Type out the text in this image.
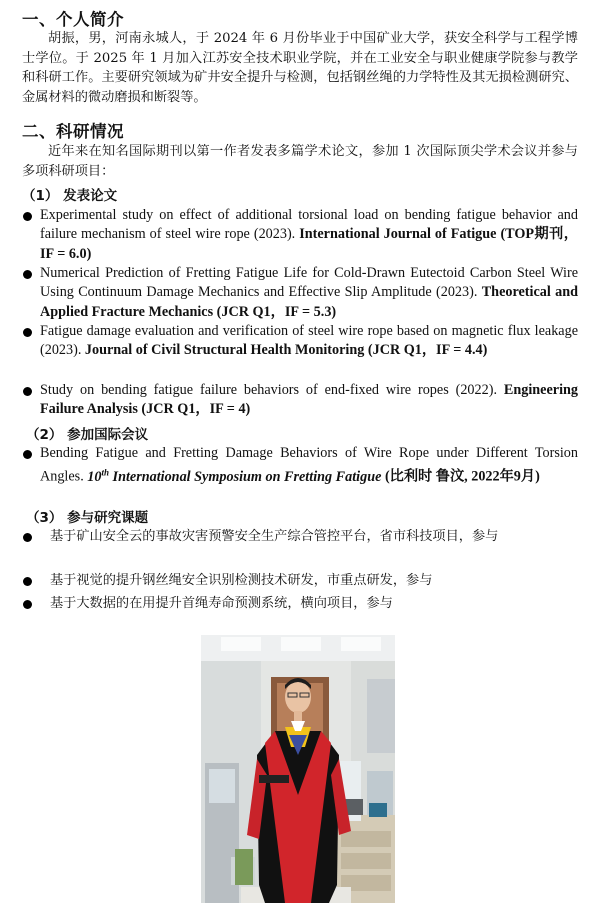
一、个人简介

胡振，男，河南永城人，于 2024 年 6 月份毕业于中国矿业大学，获安全科学与工程学博士学位。于 2025 年 1 月加入江苏安全技术职业学院，并在工业安全与职业健康学院参与教学和科研工作。主要研究领域为矿井安全提升与检测，包括钢丝绳的力学特性及其无损检测研究、金属材料的微动磨损和断裂等。

二、科研情况

近年来在知名国际期刊以第一作者发表多篇学术论文，参加 1 次国际顶尖学术会议并参与多项科研项目：

（1） 发表论文

Experimental study on effect of additional torsional load on bending fatigue behavior and failure mechanism of steel wire rope (2023). International Journal of Fatigue (TOP期刊，IF = 6.0)

Numerical Prediction of Fretting Fatigue Life for Cold-Drawn Eutectoid Carbon Steel Wire Using Continuum Damage Mechanics and Effective Slip Amplitude (2023). Theoretical and Applied Fracture Mechanics (JCR Q1，IF = 5.3)

Fatigue damage evaluation and verification of steel wire rope based on magnetic flux leakage (2023). Journal of Civil Structural Health Monitoring (JCR Q1，IF = 4.4)

Study on bending fatigue failure behaviors of end-fixed wire ropes (2022). Engineering Failure Analysis (JCR Q1，IF = 4)

（2） 参加国际会议

Bending Fatigue and Fretting Damage Behaviors of Wire Rope under Different Torsion Angles. 10th International Symposium on Fretting Fatigue (比利时 鲁汶, 2022年9月)

（3） 参与研究课题

基于矿山安全云的事故灾害预警安全生产综合管控平台，省市科技项目，参与

基于视觉的提升钢丝绳安全识别检测技术研发，市重点研发，参与

基于大数据的在用提升首绳寿命预测系统，横向项目，参与
